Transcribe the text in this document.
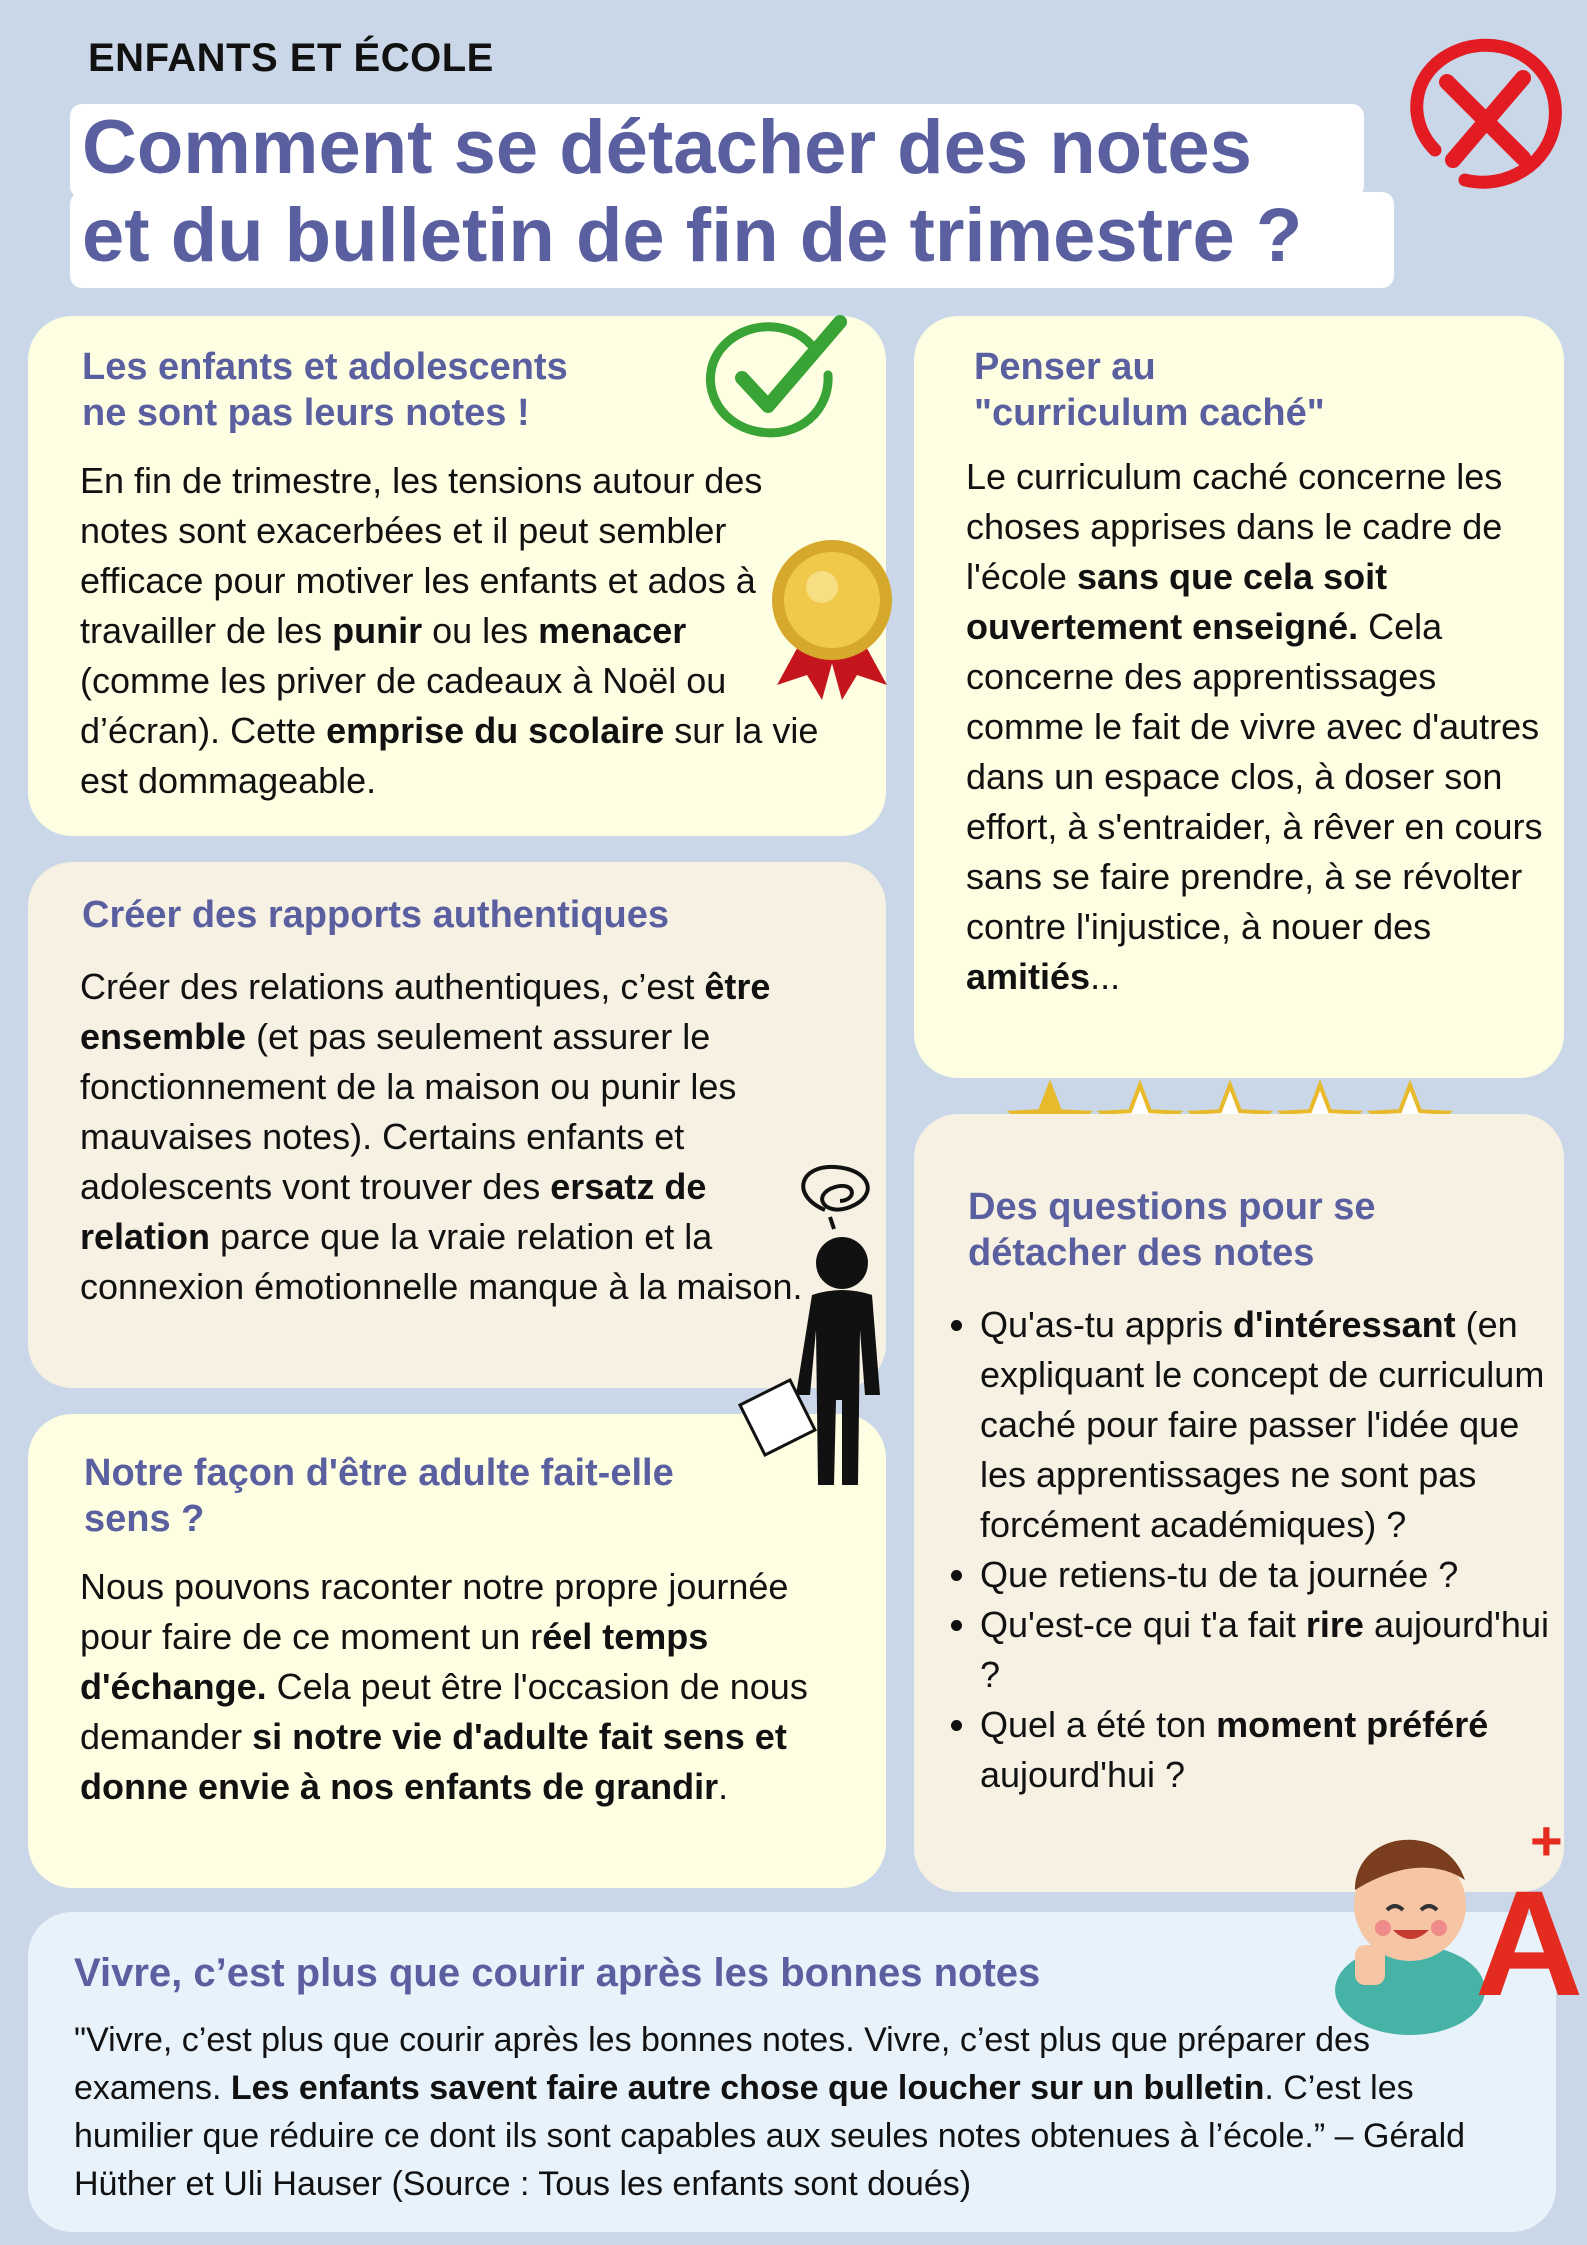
ENFANTS ET ÉCOLE
Comment se détacher des notes
et du bulletin de fin de trimestre ?
Les enfants et adolescents
ne sont pas leurs notes !

En fin de trimestre, les tensions autour des notes sont exacerbées et il peut sembler efficace pour motiver les enfants et ados à travailler de les punir ou les menacer (comme les priver de cadeaux à Noël ou d’écran). Cette emprise du scolaire sur la vie est dommageable.

Penser au
"curriculum caché"

Le curriculum caché concerne les choses apprises dans le cadre de l'école sans que cela soit ouvertement enseigné. Cela concerne des apprentissages comme le fait de vivre avec d'autres dans un espace clos, à doser son effort, à s'entraider, à rêver en cours sans se faire prendre, à se révolter contre l'injustice, à nouer des amitiés...

Créer des rapports authentiques

Créer des relations authentiques, c’est être ensemble (et pas seulement assurer le fonctionnement de la maison ou punir les mauvaises notes). Certains enfants et adolescents vont trouver des ersatz de relation parce que la vraie relation et la connexion émotionnelle manque à la maison.

Des questions pour se
détacher des notes
• Qu'as-tu appris d'intéressant (en expliquant le concept de curriculum caché pour faire passer l'idée que les apprentissages ne sont pas forcément académiques) ?
• Que retiens-tu de ta journée ?
• Qu'est-ce qui t'a fait rire aujourd'hui ?
• Quel a été ton moment préféré aujourd'hui ?
Notre façon d'être adulte fait-elle
sens ?

Nous pouvons raconter notre propre journée pour faire de ce moment un réel temps d'échange. Cela peut être l'occasion de nous demander si notre vie d'adulte fait sens et donne envie à nos enfants de grandir.

Vivre, c’est plus que courir après les bonnes notes

"Vivre, c’est plus que courir après les bonnes notes. Vivre, c’est plus que préparer des examens. Les enfants savent faire autre chose que loucher sur un bulletin. C’est les humilier que réduire ce dont ils sont capables aux seules notes obtenues à l’école.” – Gérald Hüther et Uli Hauser (Source : Tous les enfants sont doués)

A
+
